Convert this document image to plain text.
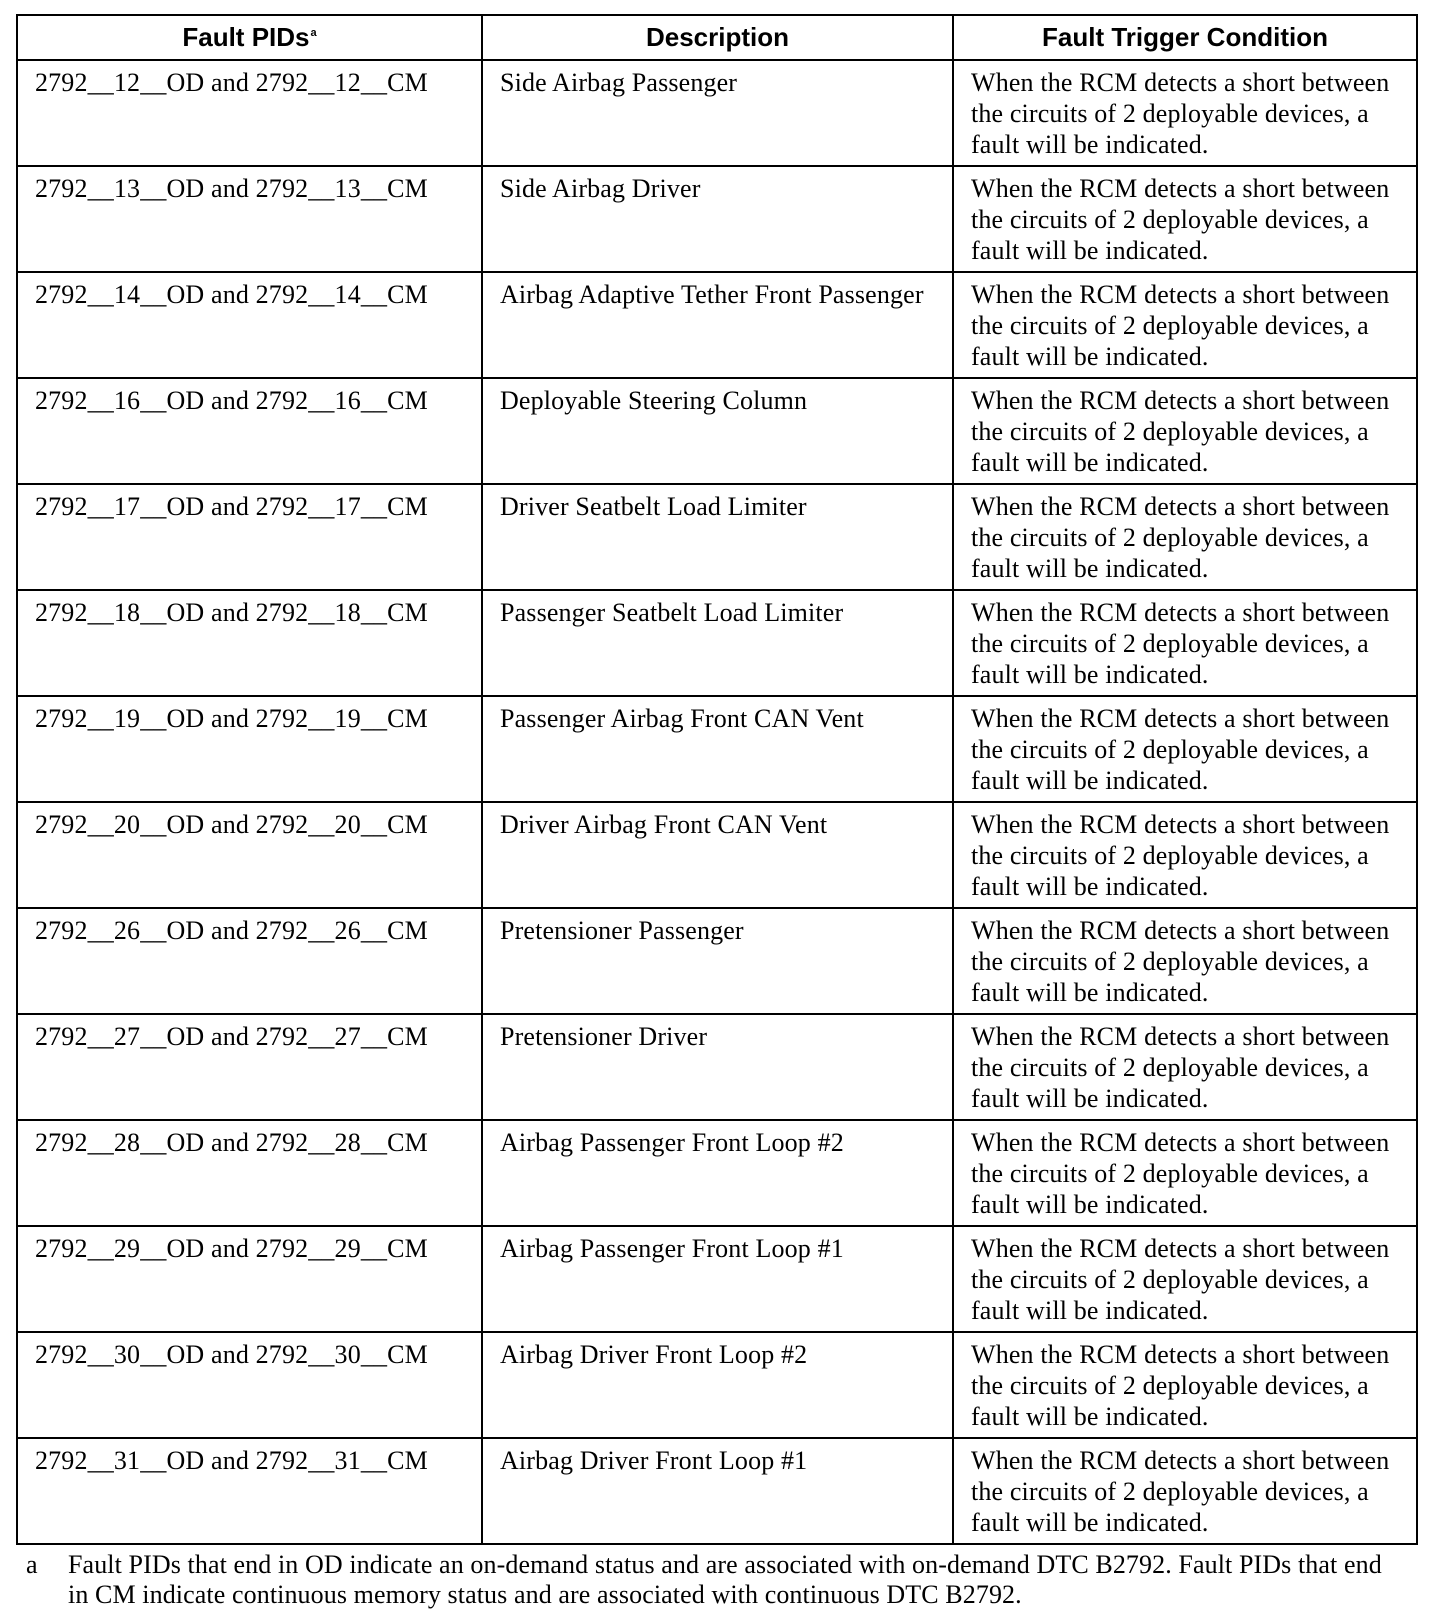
Fault PIDs$^a$	Description	Fault Trigger Condition
2792__12__OD and 2792__12__CM	Side Airbag Passenger	When the RCM detects a short between the circuits of 2 deployable devices, a fault will be indicated.
2792__13__OD and 2792__13__CM	Side Airbag Driver	When the RCM detects a short between the circuits of 2 deployable devices, a fault will be indicated.
2792__14__OD and 2792__14__CM	Airbag Adaptive Tether Front Passenger	When the RCM detects a short between the circuits of 2 deployable devices, a fault will be indicated.
2792__16__OD and 2792__16__CM	Deployable Steering Column	When the RCM detects a short between the circuits of 2 deployable devices, a fault will be indicated.
2792__17__OD and 2792__17__CM	Driver Seatbelt Load Limiter	When the RCM detects a short between the circuits of 2 deployable devices, a fault will be indicated.
2792__18__OD and 2792__18__CM	Passenger Seatbelt Load Limiter	When the RCM detects a short between the circuits of 2 deployable devices, a fault will be indicated.
2792__19__OD and 2792__19__CM	Passenger Airbag Front CAN Vent	When the RCM detects a short between the circuits of 2 deployable devices, a fault will be indicated.
2792__20__OD and 2792__20__CM	Driver Airbag Front CAN Vent	When the RCM detects a short between the circuits of 2 deployable devices, a fault will be indicated.
2792__26__OD and 2792__26__CM	Pretensioner Passenger	When the RCM detects a short between the circuits of 2 deployable devices, a fault will be indicated.
2792__27__OD and 2792__27__CM	Pretensioner Driver	When the RCM detects a short between the circuits of 2 deployable devices, a fault will be indicated.
2792__28__OD and 2792__28__CM	Airbag Passenger Front Loop #2	When the RCM detects a short between the circuits of 2 deployable devices, a fault will be indicated.
2792__29__OD and 2792__29__CM	Airbag Passenger Front Loop #1	When the RCM detects a short between the circuits of 2 deployable devices, a fault will be indicated.
2792__30__OD and 2792__30__CM	Airbag Driver Front Loop #2	When the RCM detects a short between the circuits of 2 deployable devices, a fault will be indicated.
2792__31__OD and 2792__31__CM	Airbag Driver Front Loop #1	When the RCM detects a short between the circuits of 2 deployable devices, a fault will be indicated.
a	Fault PIDs that end in OD indicate an on-demand status and are associated with on-demand DTC B2792. Fault PIDs that end in CM indicate continuous memory status and are associated with continuous DTC B2792.
